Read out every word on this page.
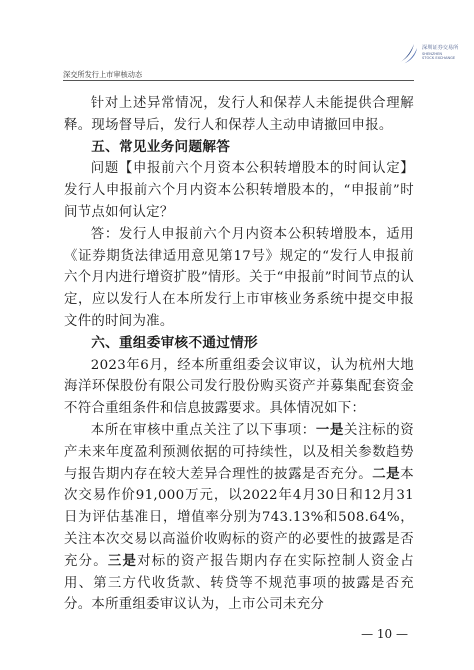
深圳证券交易所
SHENZHEN
STOCK EXCHANGE
深交所发行上市审核动态

针对上述异常情况，发行人和保荐人未能提供合理解释。现场督导后，发行人和保荐人主动申请撤回申报。

五、常见业务问题解答

问题【申报前六个月资本公积转增股本的时间认定】发行人申报前六个月内资本公积转增股本的，“申报前”时间节点如何认定？

答：发行人申报前六个月内资本公积转增股本，适用《证券期货法律适用意见第17号》规定的“发行人申报前六个月内进行增资扩股”情形。关于“申报前”时间节点的认定，应以发行人在本所发行上市审核业务系统中提交申报文件的时间为准。

六、重组委审核不通过情形

2023年6月，经本所重组委会议审议，认为杭州大地海洋环保股份有限公司发行股份购买资产并募集配套资金不符合重组条件和信息披露要求。具体情况如下：

本所在审核中重点关注了以下事项：一是关注标的资产未来年度盈利预测依据的可持续性，以及相关参数趋势与报告期内存在较大差异合理性的披露是否充分。二是本次交易作价91,000万元，以2022年4月30日和12月31日为评估基准日，增值率分别为743.13%和508.64%，关注本次交易以高溢价收购标的资产的必要性的披露是否充分。三是对标的资产报告期内存在实际控制人资金占用、第三方代收货款、转贷等不规范事项的披露是否充分。本所重组委审议认为，上市公司未充分

— 10 —
